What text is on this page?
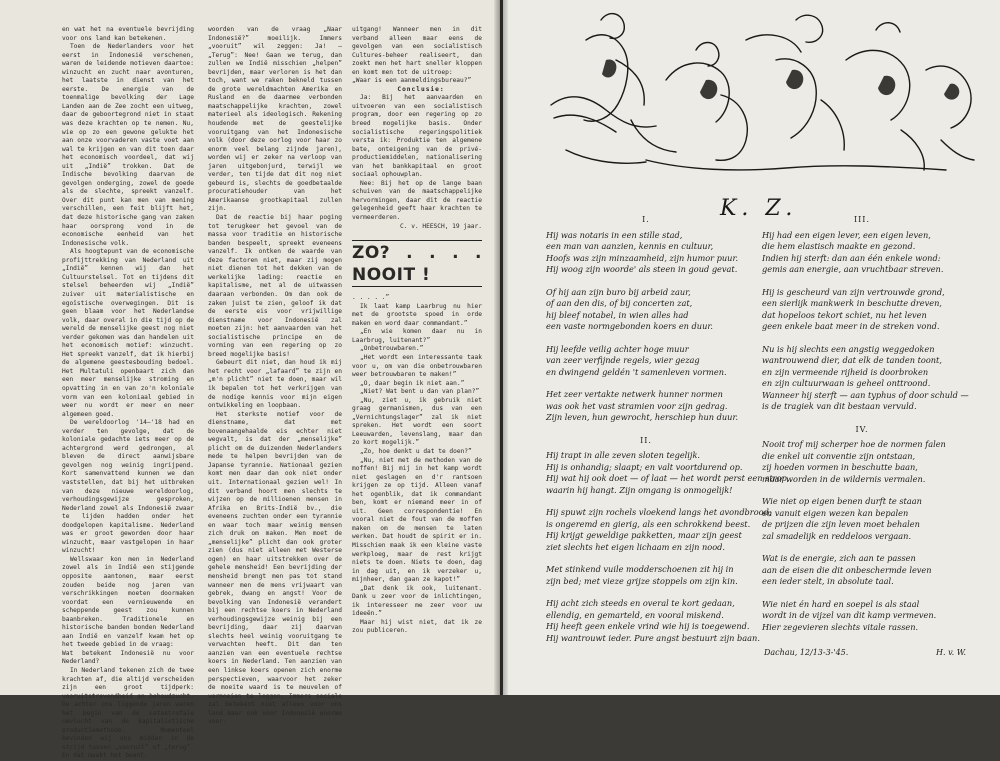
en wat het na eventuele bevrijding voor ons land kan betekenen.

Toen de Nederlanders voor het eerst in Indonesië verschenen, waren de leidende motieven daartoe: winzucht en zucht naar avonturen, het laatste in dienst van het eerste. De energie van de toenmalige bevolking der Lage Landen aan de Zee zocht een uitweg, daar de geboortegrond niet in staat was deze krachten op te nemen. Nu, wie op zo een gewone gelukte het aan onze voorvaderen vaste voet aan wal te krijgen en van dit toen daar het economisch voordeel, dat wij uit „Indië” trokken. Dat de Indische bevolking daarvan de gevolgen onderging, zowel de goede als de slechte, spreekt vanzelf. Over dit punt kan men van mening verschillen, een feit blijft het, dat deze historische gang van zaken haar oorsprong vond in de economische eenheid van het Indonesische volk.

Als hoogtepunt van de economische profijttrekking van Nederland uit „Indië” kennen wij dan het Cultuurstelsel. Tot en tijdens dit stelsel beheerden wij „Indië” zuiver uit materialistische en egoïstische overwegingen. Dit is geen blaam voor het Nederlandse volk, daar overal in die tijd op de wereld de menselijke geest nog niet verder gekomen was dan handelen uit het economisch motief: winzucht. Het spreekt vanzelf, dat ik hierbij de algemene geestesbouding bedoel. Het Multatuli openbaart zich dan een meer menselijke stroming en opvatting in en van zo'n koloniale vorm van een koloniaal gebied in weer nu wordt er meer en meer algemeen goed.

De wereldoorlog '14—'18 had en verder ten gevolge, dat de koloniale gedachte iets meer op de achtergrond werd gedrongen, al bleven de direct aanwijsbare gevolgen nog weinig ingrijpend. Kort samenvattend kunnen we dan vaststellen, dat bij het uitbreken van deze nieuwe wereldoorlog, verhoudingsgewijze gesproken, Nederland zowel als Indonesië zwaar te lijden hadden onder het doodgelopen kapitalisme. Nederland was er groot geworden door haar winzucht, maar vastgelopen in haar winzucht!

Wellswaar kon men in Nederland zowel als in Indië een stijgende opposite aantonen, maar eerst zouden beide nog jaren van verschrikkingen moeten doormaken voordat een vernieuwende en scheppende geest zou kunnen baanbreken. Traditionele en historische banden bonden Nederland aan Indië en vanzelf kwam het op het tweede gebied in de vraag:

Wat betekent Indonesië nu voor Nederland?

In Nederland tekenen zich de twee krachten af, die altijd verscheiden zijn een groot tijdperk: vooruitstrevendheid en behoudzucht. De achter ons liggende jaren waren het begin van de catastrofale omvlucht van de kapitalistische productiemethode. Momenteel bevinden wij ons midden in de strijd tussen „vooruit” of „terug”. En dat maakt het beant-

woorden van de vraag „Naar Indonesië?” moeilijk. Immers „vooruit” wil zeggen: Ja! — „Terug”: Nee! Gaan we terug, dan zullen we Indië misschien „helpen” bevrijden, maar verloren is het dan toch, want we raken bekneld tussen de grote wereldmachten Amerika en Rusland en de daarmee verbonden maatschappelijke krachten, zowel materieel als ideologisch. Rekening houdende met de geestelijke vooruitgang van het Indonesische volk (door deze oorlog voor haar zo enorm veel belang zijnde jaren), worden wij er zeker na verloop van jaren uitgebonjurd, terwijl we verder, ten tijde dat dit nog niet gebeurd is, slechts de goedbetaalde procuratiehouder van het Amerikaanse grootkapitaal zullen zijn.

Dat de reactie bij haar poging tot terugkeer het gevoel van de massa voor traditie en historische banden bespeelt, spreekt eveneens vanzelf. Ik ontken de waarde van deze factoren niet, maar zij mogen niet dienen tot het dekken van de werkelijke lading: reactie en kapitalisme, met al de uitwassen daaraan verbonden. Om dan ook de zaken juist te zien, geloof ik dat de eerste eis voor vrijwillige dienstname voor Indonesië zal moeten zijn: het aanvaarden van het socialistische principe en de vorming van een regering op zo breed mogelijke basis!

Gebeurt dit niet, dan houd ik mij het recht voor „lafaard” te zijn en „m'n plicht” niet te doen, maar wil ik bepalen tot het verkrijgen van de nodige kennis voor mijn eigen ontwikkeling en loopbaan.

Het sterkste motief voor de dienstname, dat met bovenaangehaalde eis echter niet wegvalt, is dat der „menselijke” plicht om de duizenden Nederlanders mede te helpen bevrijden van de Japanse tyrannie. Nationaal gezien komt men daar dan ook niet onder uit. Internationaal gezien wel! In dit verband hoort men slechts te wijzen op de millioenen mensen in Afrika en Brits-Indië bv., die eveneens zuchten onder een tyrannie en waar toch maar weinig mensen zich druk om maken. Men moet de „menselijke” plicht dan ook groter zien (dus niet alleen met Westerse ogen) en haar uitstrekken over de gehele mensheid! Een bevrijding der mensheid brengt men pas tot stand wanneer men de mens vrijwaart van gebrek, dwang en angst! Voor de bevolking van Indonesië verandert bij een rechtse koers in Nederland verhoudingsgewijze weinig bij een bevrijding, daar zij daarvan slechts heel weinig vooruitgang te verwachten heeft. Dit dan ten aanzien van een eventuele rechtse koers in Nederland. Ten aanzien van een linkse koers openen zich enorme perspectieven, waarvoor het zeker de moeite waard is te meuvelen of vermoeien te leggen. Immers sociale zal betekent niet alleen voor ons land maar ook voor Indonesië enorme voor-

uitgang! Wanneer men in dit verband alleen maar eens de gevolgen van een socialistisch Cultures-beheer realiseert, dan zoekt men het hart sneller kloppen en komt men tot de uitroep:

„Waar is een aanmeldingsbureau?”

Conclusie:

Ja: Bij het aanvaarden en uitvoeren van een socialistisch program, door een regering op zo breed mogelijke basis. Onder socialistische regeringspolitiek versta ik: Produktie ten algemene bate, onteigening van de privé-productiemiddelen, nationalisering van het bankkapitaal en groot sociaal ophouwplan.

Nee: Bij het op de lange baan schuiven van de maatschappelijke hervormingen, daar dit de reactie gelegenheid geeft haar krachten te vermeerderen.

C. v. HEESCH, 19 jaar.

ZO? . . . . NOOIT !

. . . . .”

Ik laat kamp Laarbrug nu hier met de grootste spoed in orde maken en word daar commandant.”

„En wie komen daar nu in Laarbrug, luitenant?”

„Onbetrouwbaren.”

„Het wordt een interessante taak voor u, om van die onbetrouwbaren weer betrouwbaren te maken!”

„O, daar begin ik niet aan.”

„Niet? Wat bent u dan van plan?”

„Nu, ziet u, ik gebruik niet graag germanismen, dus van een „Vernichtungslager” zal ik niet spreken. Het wordt een soort Leeuwarden, levenslang, maar dan zo kort mogelijk.”

„Zo, hoe denkt u dat te doen?”

„Nu, niet met de methoden van de moffen! Bij mij in het kamp wordt niet geslagen en d'r rantsoen krijgen ze op tijd. Alleen vanaf het ogenblik, dat ik commandant ben, komt er niemand meer in of uit. Geen correspondentie! En vooral niet de fout van de moffen maken om de mensen te laten werken. Dat houdt de spirit er in. Misschien maak ik een kleine vaste werkploeg, maar de rest krijgt niets te doen. Niets te doen, dag in dag uit, en ik verzeker u, mijnheer, dan gaan ze kapot!”

„Dat denk ik ook, luitenant. Dank u zeer voor de inlichtingen, ik interesseer me zeer voor uw ideeën.”

Maar hij wist niet, dat ik ze zou publiceren.

K. Z.
I.
Hij was notaris in een stille stad,
een man van aanzien, kennis en cultuur,
Hoofs was zijn minzaamheid, zijn humor puur.
Hij woog zijn woorde' als steen in goud gevat.
Of hij aan zijn buro bij arbeid zaur,
of aan den dis, of bij concerten zat,
hij bleef notabel, in wien alles had
een vaste normgebonden koers en duur.
Hij leefde veilig achter hoge muur
van zeer verfijnde regels, wier gezag
en dwingend geldén 't samenleven vormen.
Het zeer vertakte netwerk hunner normen
was ook het vast stramien voor zijn gedrag.
Zijn leven, hun gewrocht, herschiep hun duur.
II.
Hij trapt in alle zeven sloten tegelijk.
Hij is onhandig; slaapt; en valt voortdurend op.
Hij wat hij ook doet — of laat — het wordt perst een strop,
waarin hij hangt. Zijn omgang is onmogelijk!
Hij spuwt zijn rochels vloekend langs het avondbrood;
is ongeremd en gierig, als een schrokkend beest.
Hij krijgt geweldige pakketten, maar zijn geest
ziet slechts het eigen lichaam en zijn nood.
Met stinkend vuile modderschoenen zit hij in
zijn bed; met vieze grijze stoppels om zijn kin.
Hij acht zich steeds en overal te kort gedaan,
ellendig, en gemarteld, en vooral miskend.
Hij heeft geen enkele vrind wie hij is toegewend.
Hij wantrouwt ieder. Pure angst bestuurt zijn baan.
III.
Hij had een eigen lever, een eigen leven,
die hem elastisch maakte en gezond.
Indien hij sterft: dan aan één enkele wond:
gemis aan energie, aan vruchtbaar streven.
Hij is gescheurd van zijn vertrouwde grond,
een sierlijk mankwerk in beschutte dreven,
dat hopeloos tekort schiet, nu het leven
geen enkele baat meer in de streken vond.
Nu is hij slechts een angstig weggedoken
wantrouwend dier, dat elk de tanden toont,
en zijn vermeende rijheid is doorbroken
en zijn cultuurwaan is geheel onttroond.
Wanneer hij sterft — aan typhus of door schuld —
is de tragiek van dit bestaan vervuld.
IV.
Nooit trof mij scherper hoe de normen falen
die enkel uit conventie zijn ontstaan,
zij hoeden vormen in beschutte baan,
maar worden in de wildernis vermalen.
Wie niet op eigen benen durft te staan
en vanuit eigen wezen kan bepalen
de prijzen die zijn leven moet behalen
zal smadelijk en reddeloos vergaan.
Wat is de energie, zich aan te passen
aan de eisen die dit onbeschermde leven
een ieder stelt, in absolute taal.
Wie niet én hard en soepel is als staal
wordt in de vijzel van dit kamp vermeven.
Hier zegevieren slechts vitale rassen.
Dachau, 12/13-3-'45.	H. v. W.
